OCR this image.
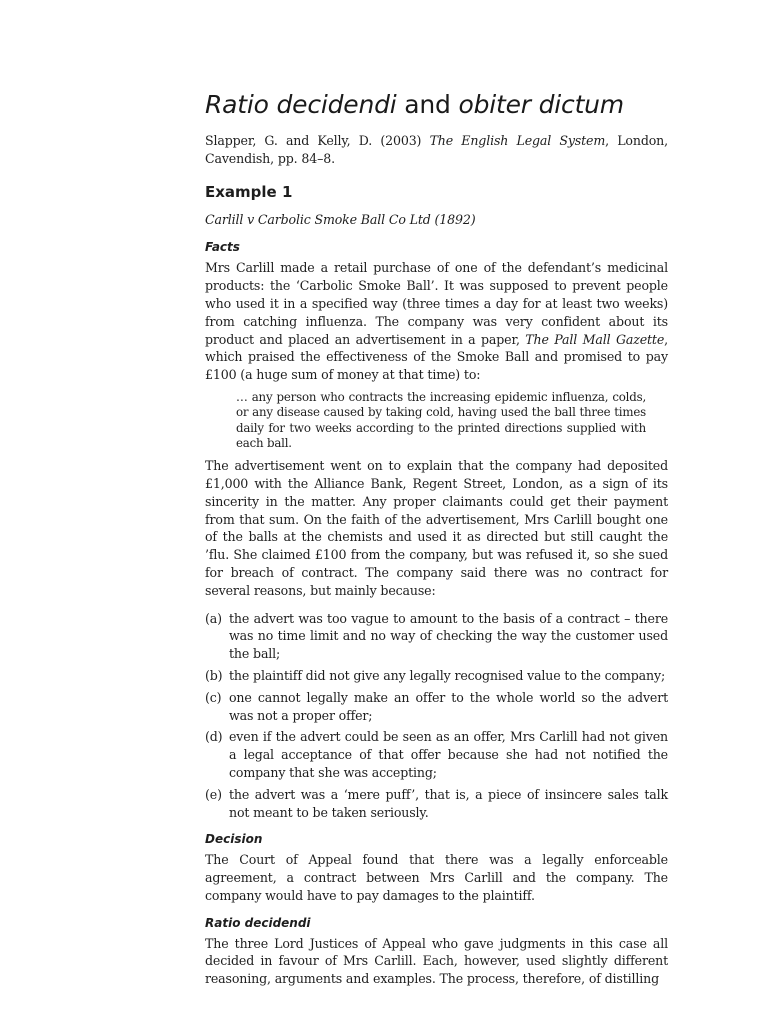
Ratio decidendi and obiter dictum

Slapper, G. and Kelly, D. (2003) The English Legal System, London, Cavendish, pp. 84–8.

Example 1

Carlill v Carbolic Smoke Ball Co Ltd (1892)

Facts

Mrs Carlill made a retail purchase of one of the defendant’s medicinal products: the ‘Carbolic Smoke Ball’. It was supposed to prevent people who used it in a specified way (three times a day for at least two weeks) from catching influenza. The company was very confident about its product and placed an advertisement in a paper, The Pall Mall Gazette, which praised the effectiveness of the Smoke Ball and promised to pay £100 (a huge sum of money at that time) to:

… any person who contracts the increasing epidemic influenza, colds, or any disease caused by taking cold, having used the ball three times daily for two weeks according to the printed directions supplied with each ball.

The advertisement went on to explain that the company had deposited £1,000 with the Alliance Bank, Regent Street, London, as a sign of its sincerity in the matter. Any proper claimants could get their payment from that sum. On the faith of the advertisement, Mrs Carlill bought one of the balls at the chemists and used it as directed but still caught the ’flu. She claimed £100 from the company, but was refused it, so she sued for breach of contract. The company said there was no contract for several reasons, but mainly because:

(a) the advert was too vague to amount to the basis of a contract – there was no time limit and no way of checking the way the customer used the ball;
(b) the plaintiff did not give any legally recognised value to the company;
(c) one cannot legally make an offer to the whole world so the advert was not a proper offer;
(d) even if the advert could be seen as an offer, Mrs Carlill had not given a legal acceptance of that offer because she had not notified the company that she was accepting;
(e) the advert was a ‘mere puff’, that is, a piece of insincere sales talk not meant to be taken seriously.
Decision

The Court of Appeal found that there was a legally enforceable agreement, a contract between Mrs Carlill and the company. The company would have to pay damages to the plaintiff.

Ratio decidendi

The three Lord Justices of Appeal who gave judgments in this case all decided in favour of Mrs Carlill. Each, however, used slightly different reasoning, arguments and examples. The process, therefore, of distilling
